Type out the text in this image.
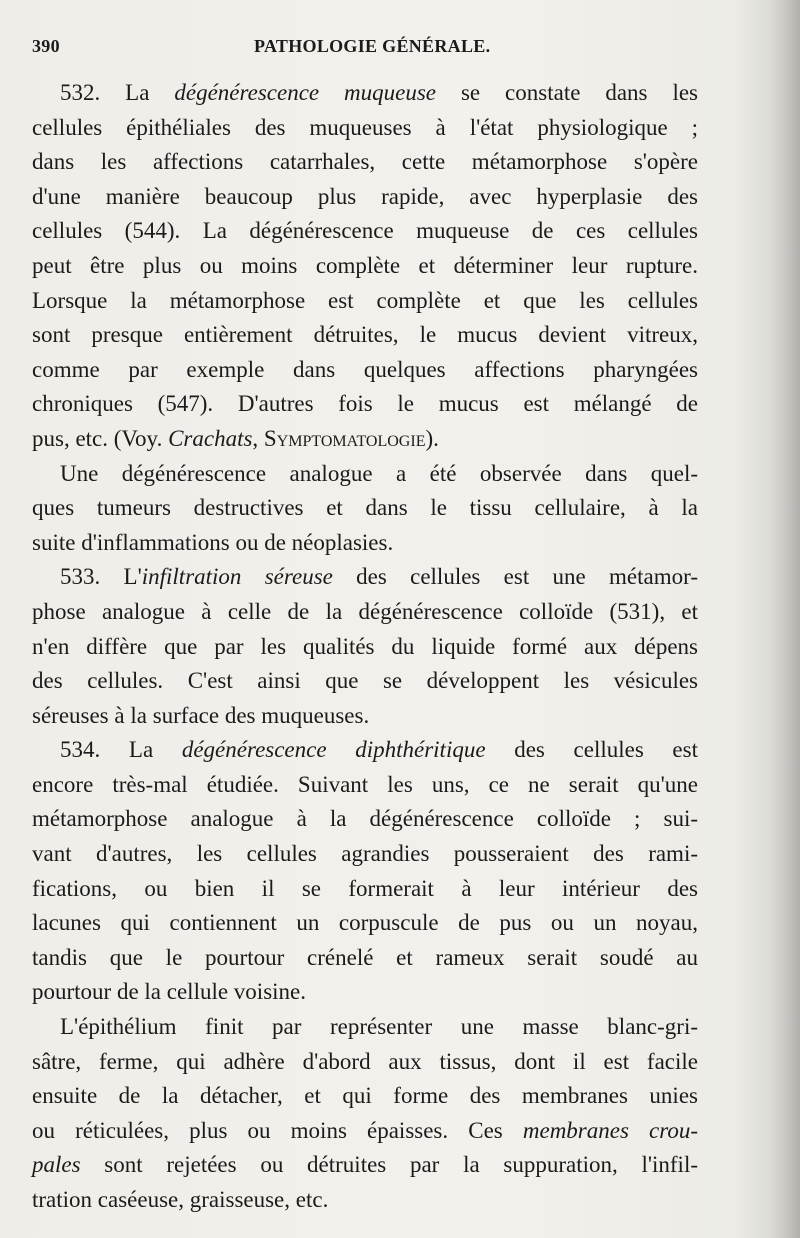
390	PATHOLOGIE GÉNÉRALE.
532. La dégénérescence muqueuse se constate dans les
cellules épithéliales des muqueuses à l'état physiologique ;
dans les affections catarrhales, cette métamorphose s'opère
d'une manière beaucoup plus rapide, avec hyperplasie des
cellules (544). La dégénérescence muqueuse de ces cellules
peut être plus ou moins complète et déterminer leur rupture.
Lorsque la métamorphose est complète et que les cellules
sont presque entièrement détruites, le mucus devient vitreux,
comme par exemple dans quelques affections pharyngées
chroniques (547). D'autres fois le mucus est mélangé de
pus, etc. (Voy. Crachats, Symptomatologie).
Une dégénérescence analogue a été observée dans quel-
ques tumeurs destructives et dans le tissu cellulaire, à la
suite d'inflammations ou de néoplasies.
533. L'infiltration séreuse des cellules est une métamor-
phose analogue à celle de la dégénérescence colloïde (531), et
n'en diffère que par les qualités du liquide formé aux dépens
des cellules. C'est ainsi que se développent les vésicules
séreuses à la surface des muqueuses.
534. La dégénérescence diphthéritique des cellules est
encore très-mal étudiée. Suivant les uns, ce ne serait qu'une
métamorphose analogue à la dégénérescence colloïde ; sui-
vant d'autres, les cellules agrandies pousseraient des rami-
fications, ou bien il se formerait à leur intérieur des
lacunes qui contiennent un corpuscule de pus ou un noyau,
tandis que le pourtour crénelé et rameux serait soudé au
pourtour de la cellule voisine.
L'épithélium finit par représenter une masse blanc-gri-
sâtre, ferme, qui adhère d'abord aux tissus, dont il est facile
ensuite de la détacher, et qui forme des membranes unies
ou réticulées, plus ou moins épaisses. Ces membranes crou-
pales sont rejetées ou détruites par la suppuration, l'infil-
tration caséeuse, graisseuse, etc.
